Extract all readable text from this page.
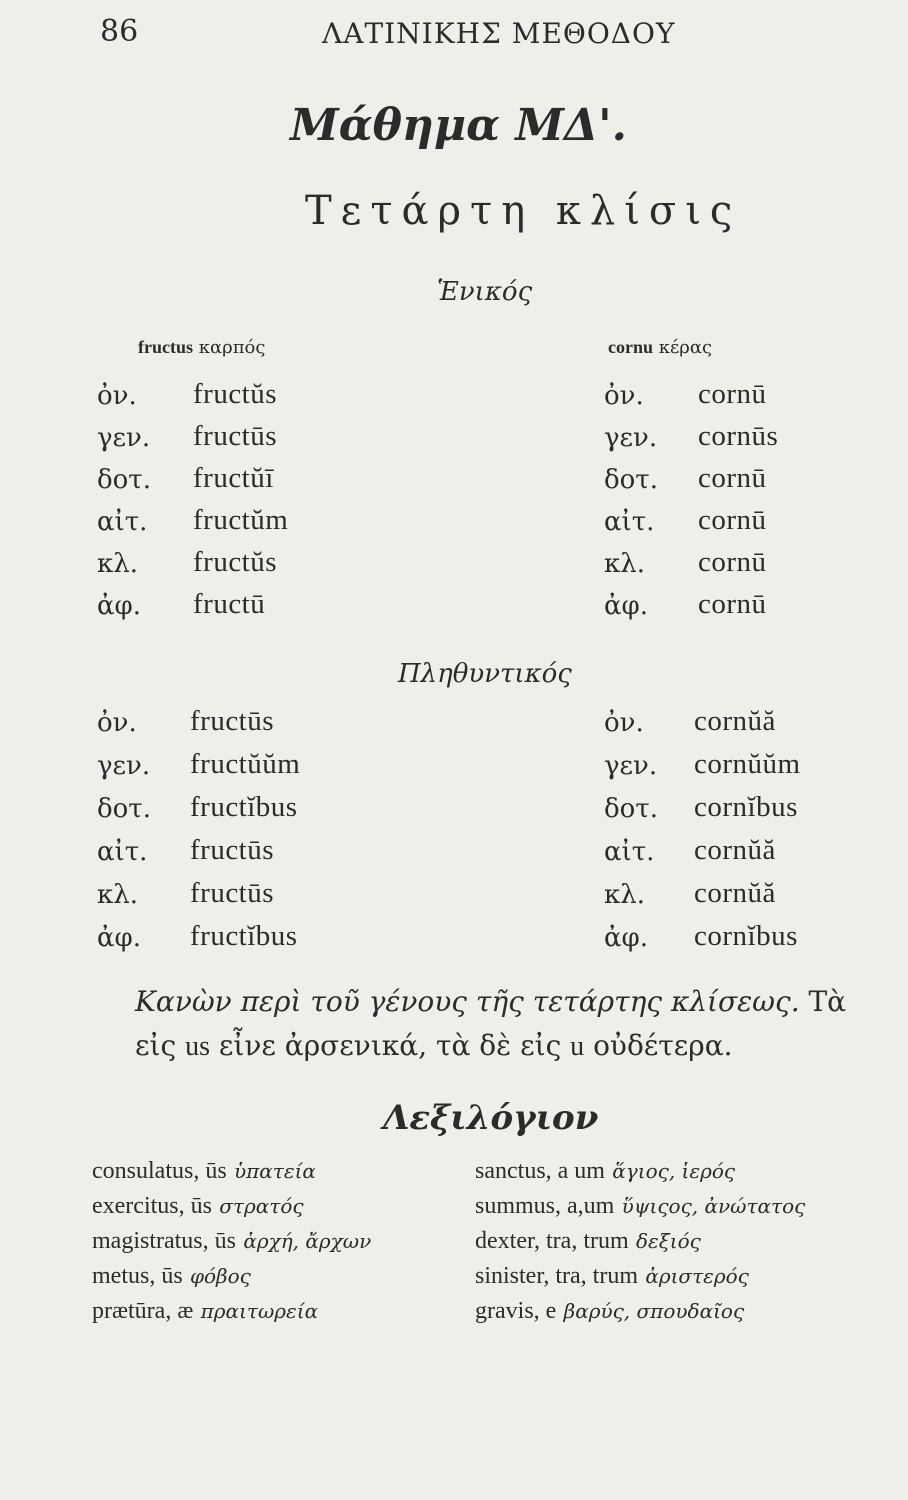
86	ΛΑΤΙΝΙΚΗΣ ΜΕΘΟΔΟΥ
Μάθημα ΜΔ'.
Τετάρτη κλίσις
Ἑνικός
fructus καρπός	cornu κέρας
ὀν. fructŭs	ὀν. cornū
γεν. fructūs	γεν. cornūs
δοτ. fructŭī	δοτ. cornū
αἰτ. fructŭm	αἰτ. cornū
κλ. fructŭs	κλ. cornū
ἀφ. fructū	ἀφ. cornū
Πληθυντικός
ὀν. fructūs	ὀν. cornŭă
γεν. fructŭŭm	γεν. cornŭŭm
δοτ. fructĭbus	δοτ. cornĭbus
αἰτ. fructūs	αἰτ. cornŭă
κλ. fructūs	κλ. cornŭă
ἀφ. fructĭbus	ἀφ. cornĭbus
Κανὼν περὶ τοῦ γένους τῆς τετάρτης κλίσεως. Τὰ εἰς us εἶνε ἀρσενικά, τὰ δὲ εἰς u οὐδέτερα.
Λεξιλόγιον
consulatus, ūs ὑπατεία
exercitus, ūs στρατός
magistratus, ūs ἀρχή, ἄρχων
metus, ūs φόβος
prætūra, æ πραιτωρεία
sanctus, a um ἅγιος, ἱερός
summus, a,um ὕψιςος, ἀνώτατος
dexter, tra, trum δεξιός
sinister, tra, trum ἀριστερός
gravis, e βαρύς, σπουδαῖος
